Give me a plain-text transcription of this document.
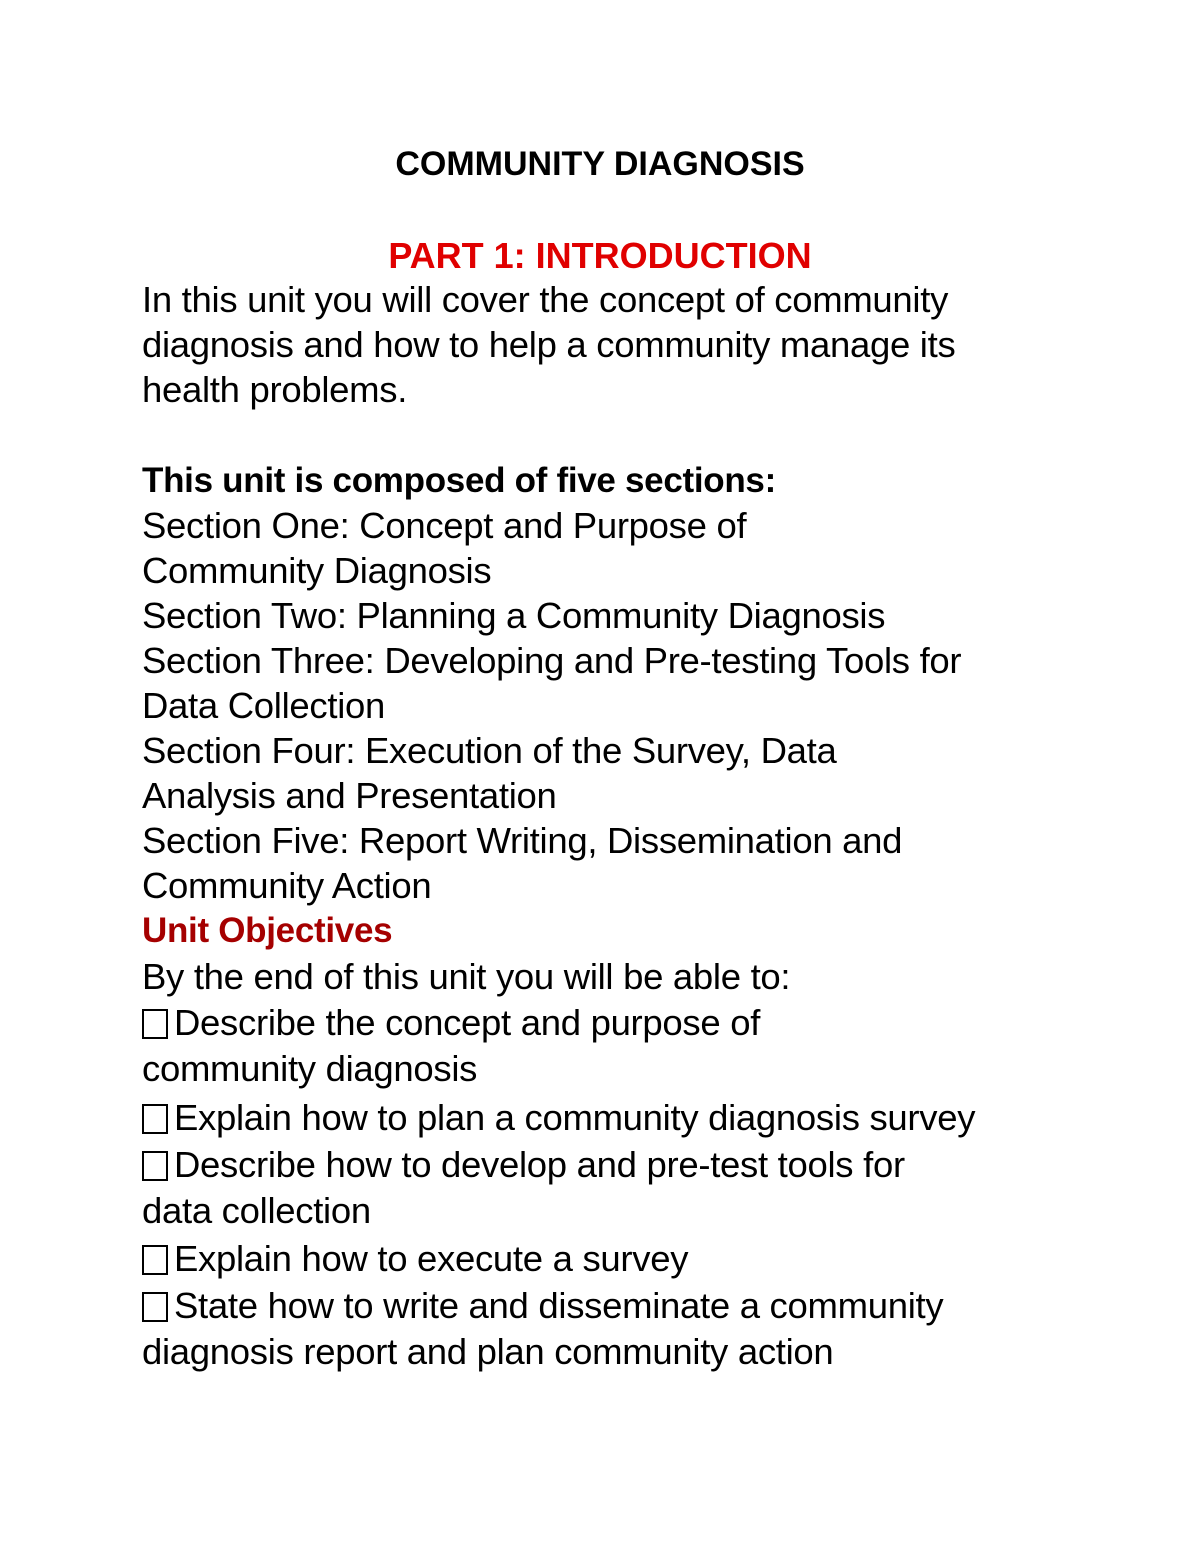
COMMUNITY DIAGNOSIS
PART 1: INTRODUCTION
In this unit you will cover the concept of community
diagnosis and how to help a community manage its
health problems.
This unit is composed of five sections:
Section One: Concept and Purpose of
Community Diagnosis
Section Two: Planning a Community Diagnosis
Section Three: Developing and Pre-testing Tools for
Data Collection
Section Four: Execution of the Survey, Data
Analysis and Presentation
Section Five: Report Writing, Dissemination and
Community Action
Unit Objectives
By the end of this unit you will be able to:
Describe the concept and purpose of
community diagnosis
Explain how to plan a community diagnosis survey
Describe how to develop and pre-test tools for
data collection
Explain how to execute a survey
State how to write and disseminate a community
diagnosis report and plan community action
